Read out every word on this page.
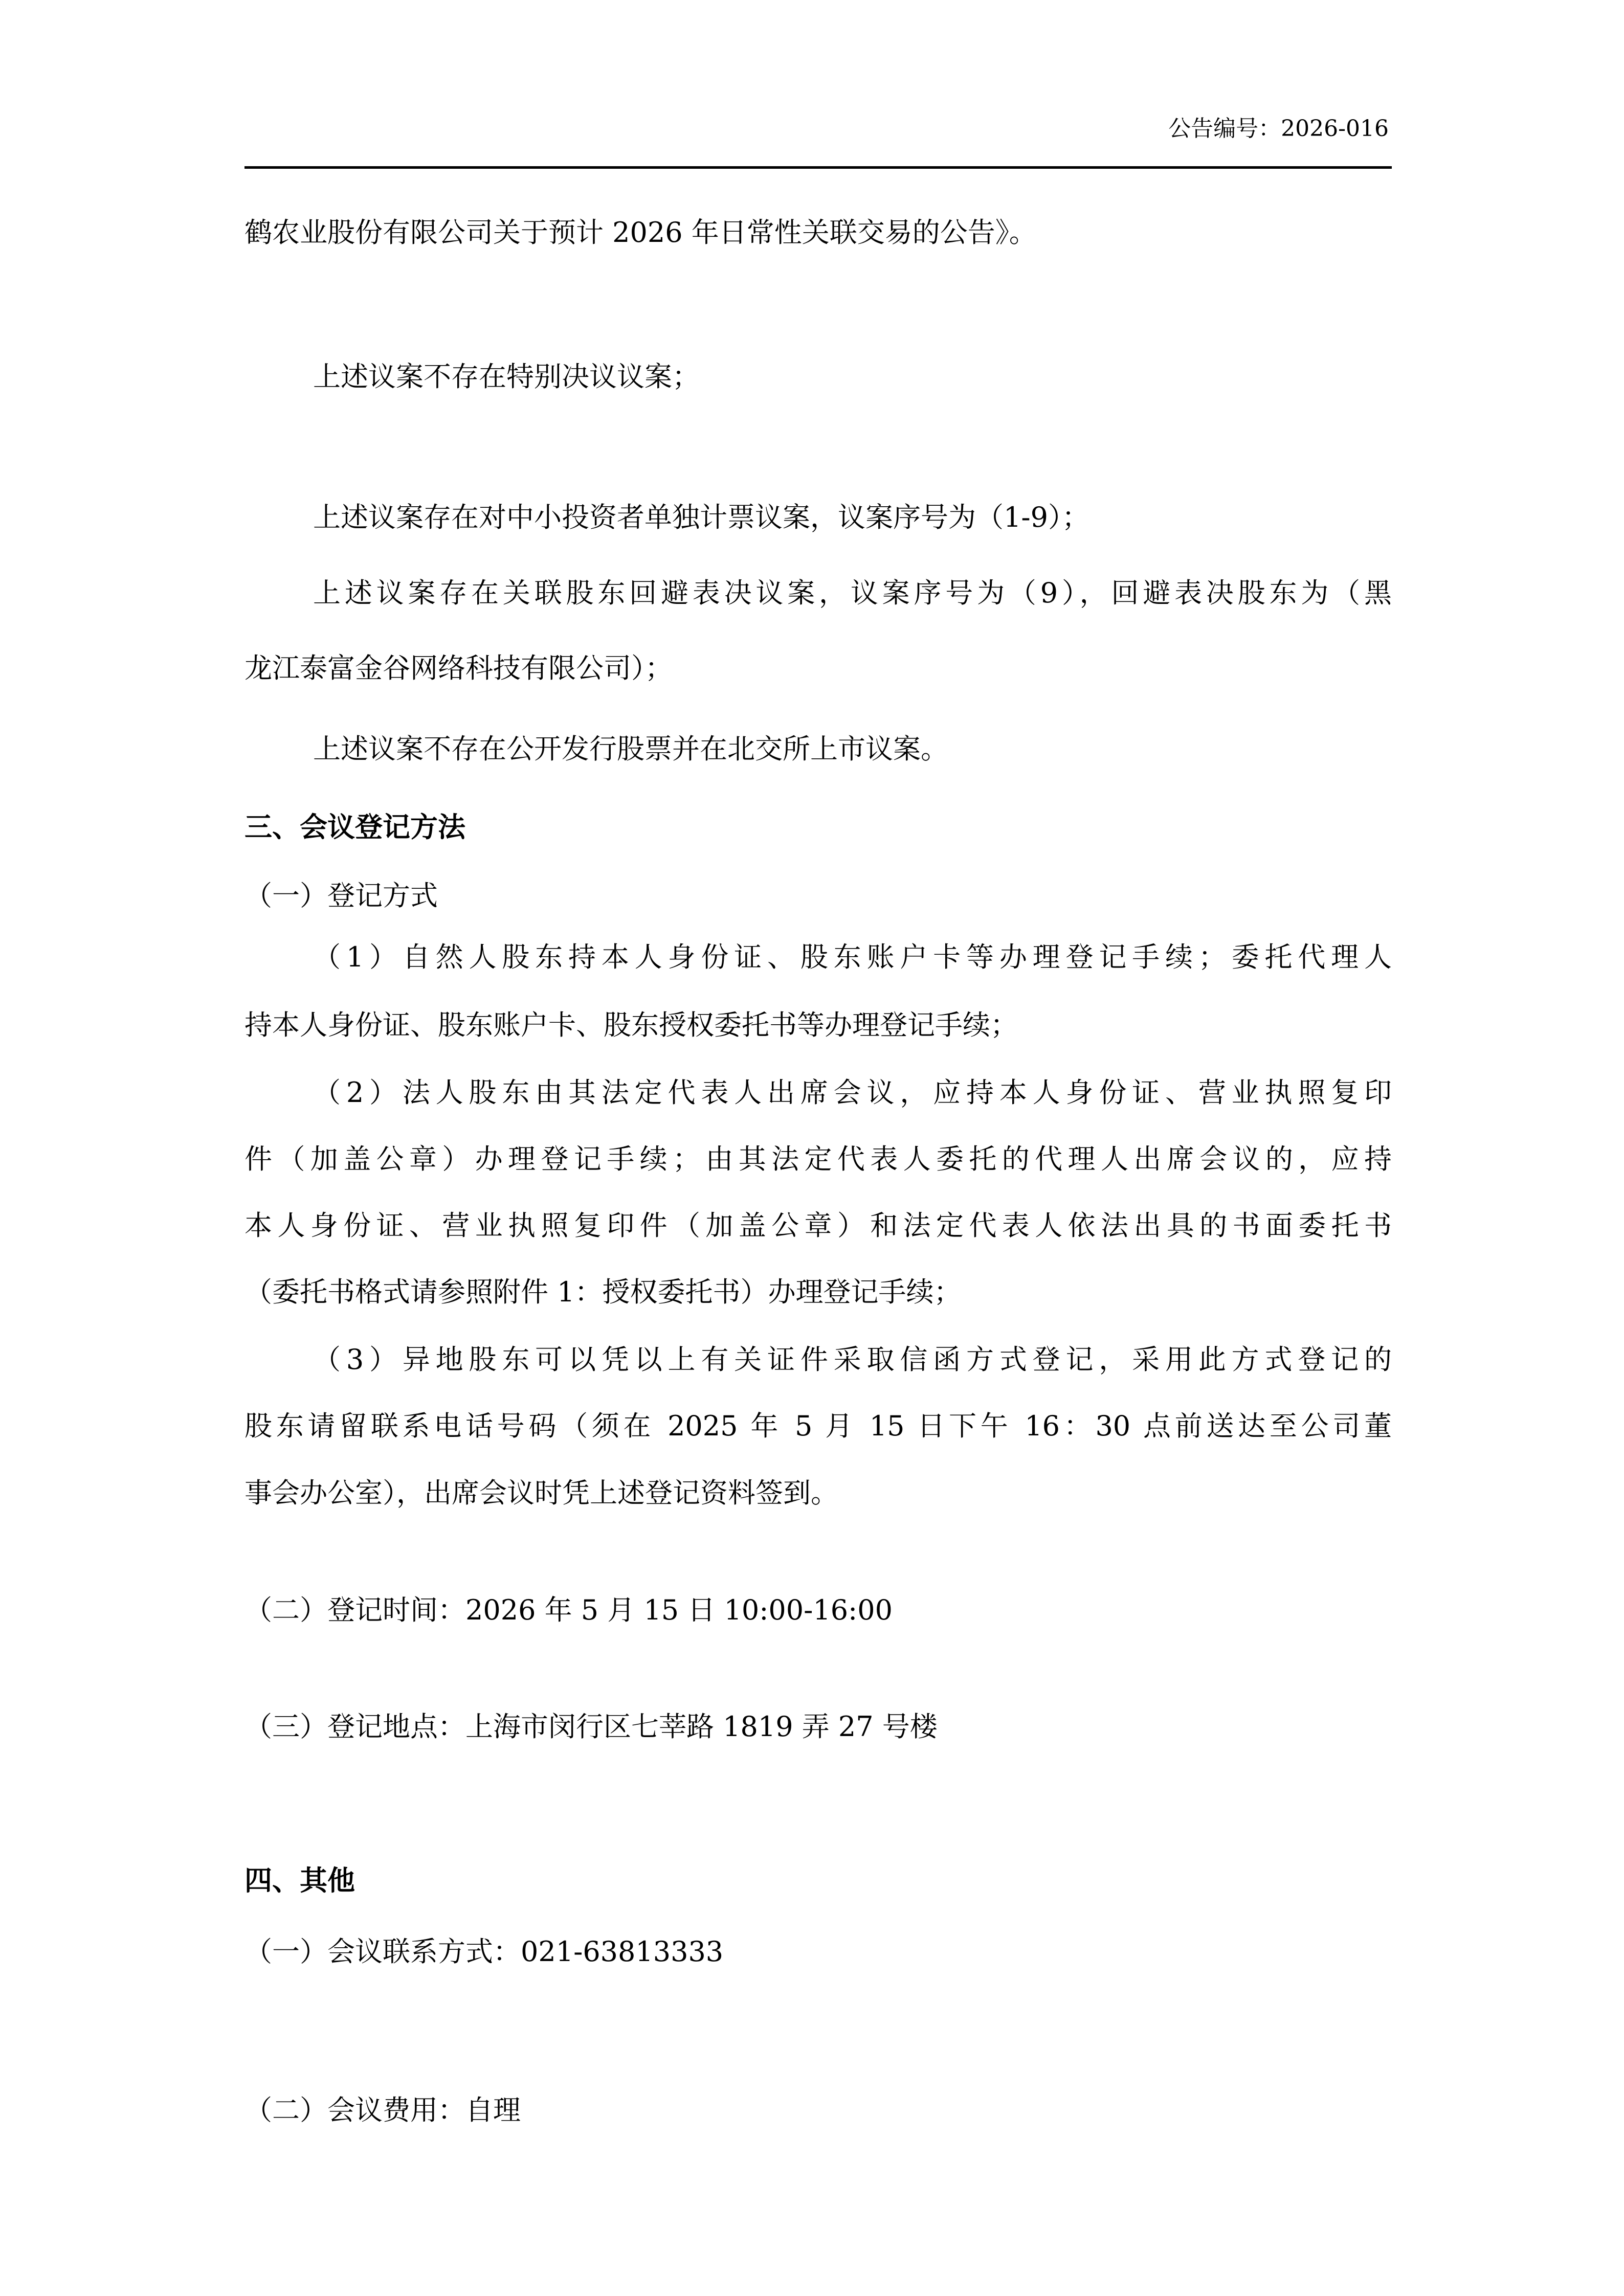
公告编号：2026-016
鹤农业股份有限公司关于预计 2026 年日常性关联交易的公告》。
上述议案不存在特别决议议案；
上述议案存在对中小投资者单独计票议案，议案序号为（1-9）；
上述议案存在关联股东回避表决议案，议案序号为（9），回避表决股东为（黑
龙江泰富金谷网络科技有限公司）；
上述议案不存在公开发行股票并在北交所上市议案。
三、会议登记方法
（一）登记方式
（1）自然人股东持本人身份证、股东账户卡等办理登记手续；委托代理人
持本人身份证、股东账户卡、股东授权委托书等办理登记手续；
（2）法人股东由其法定代表人出席会议，应持本人身份证、营业执照复印
件（加盖公章）办理登记手续；由其法定代表人委托的代理人出席会议的，应持
本人身份证、营业执照复印件（加盖公章）和法定代表人依法出具的书面委托书
（委托书格式请参照附件 1：授权委托书）办理登记手续；
（3）异地股东可以凭以上有关证件采取信函方式登记，采用此方式登记的
股东请留联系电话号码（须在 2025 年 5 月 15 日下午 16：30 点前送达至公司董
事会办公室），出席会议时凭上述登记资料签到。
（二）登记时间：2026 年 5 月 15 日 10:00-16:00
（三）登记地点：上海市闵行区七莘路 1819 弄 27 号楼
四、其他
（一）会议联系方式：021-63813333
（二）会议费用：自理
